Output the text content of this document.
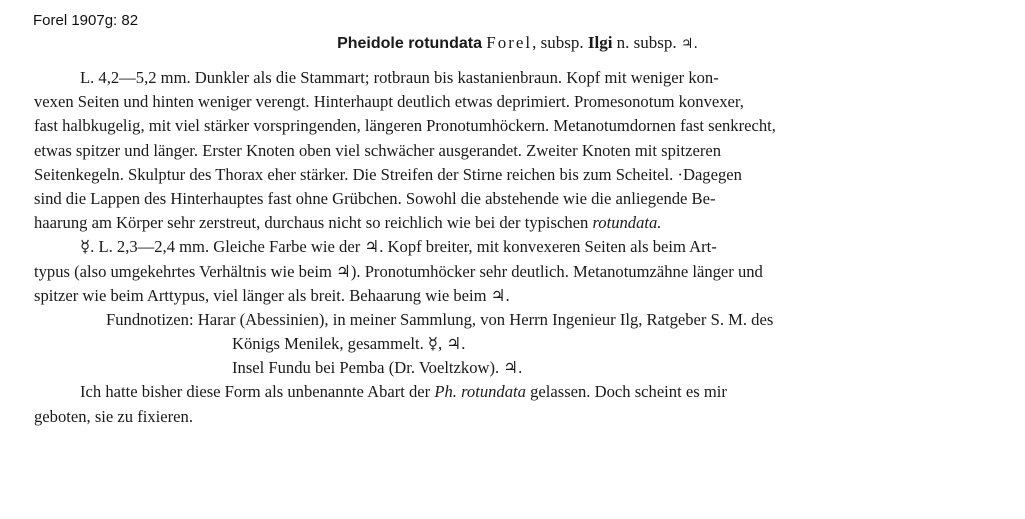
Forel 1907g: 82
Pheidole rotundata Forel, subsp. Ilgi n. subsp. ♃.
L. 4,2—5,2 mm. Dunkler als die Stammart; rotbraun bis kastanienbraun. Kopf mit weniger kon-
vexen Seiten und hinten weniger verengt. Hinterhaupt deutlich etwas deprimiert. Promesonotum konvexer,
fast halbkugelig, mit viel stärker vorspringenden, längeren Pronotumhöckern. Metanotumdornen fast senkrecht,
etwas spitzer und länger. Erster Knoten oben viel schwächer ausgerandet. Zweiter Knoten mit spitzeren
Seitenkegeln. Skulptur des Thorax eher stärker. Die Streifen der Stirne reichen bis zum Scheitel. ·Dagegen
sind die Lappen des Hinterhauptes fast ohne Grübchen. Sowohl die abstehende wie die anliegende Be-
haarung am Körper sehr zerstreut, durchaus nicht so reichlich wie bei der typischen rotundata.
☿. L. 2,3—2,4 mm. Gleiche Farbe wie der ♃. Kopf breiter, mit konvexeren Seiten als beim Art-
typus (also umgekehrtes Verhältnis wie beim ♃). Pronotumhöcker sehr deutlich. Metanotumzähne länger und
spitzer wie beim Arttypus, viel länger als breit. Behaarung wie beim ♃.
Fundnotizen: Harar (Abessinien), in meiner Sammlung, von Herrn Ingenieur Ilg, Ratgeber S. M. des
Königs Menilek, gesammelt. ☿, ♃.
Insel Fundu bei Pemba (Dr. Voeltzkow). ♃.
Ich hatte bisher diese Form als unbenannte Abart der Ph. rotundata gelassen. Doch scheint es mir
geboten, sie zu fixieren.
